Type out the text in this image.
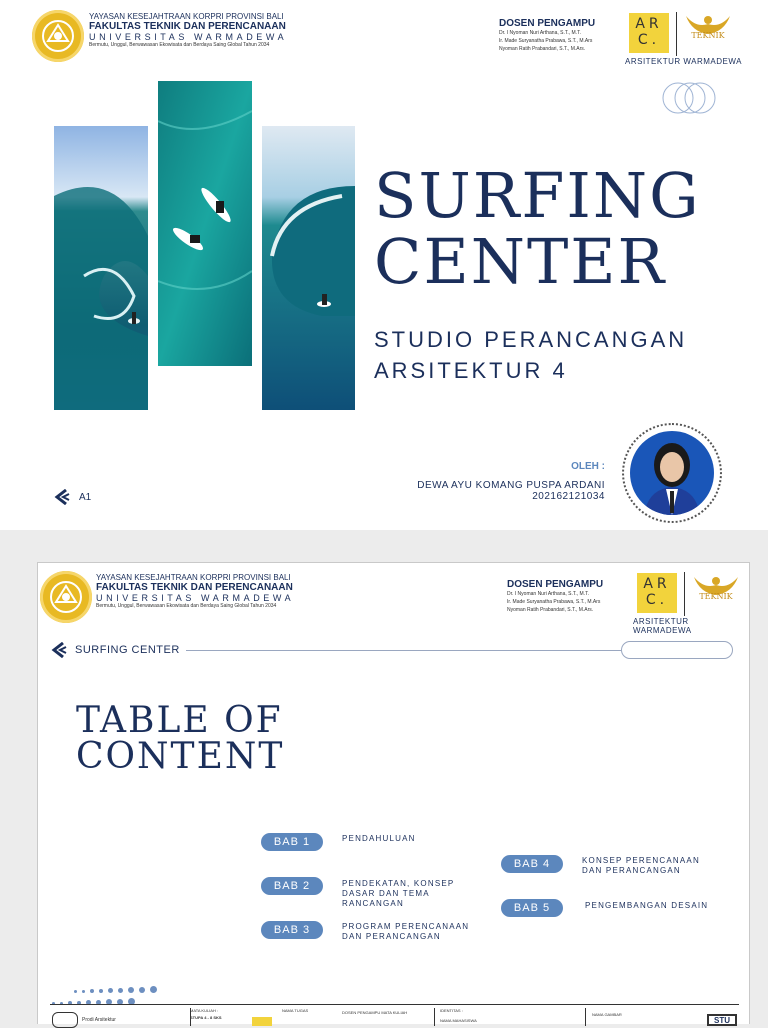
YAYASAN KESEJAHTRAAN KORPRI PROVINSI BALI
FAKULTAS TEKNIK DAN PERENCANAAN
UNIVERSITAS WARMADEWA
Bermutu, Unggul, Berwawasan Ekowisata dan Berdaya Saing Global Tahun 2034
DOSEN PENGAMPU
Dr. I Nyoman Nuri Arthana, S.T., M.T.
Ir. Made Suryanatha Prabawa, S.T., M.Ars
Nyoman Ratih Prabandari, S.T., M.Ars.
AR
C.	TEKNIK
ARSITEKTUR WARMADEWA
SURFING
CENTER
STUDIO PERANCANGAN
ARSITEKTUR 4
OLEH :
DEWA AYU KOMANG PUSPA ARDANI
202162121034
A1
YAYASAN KESEJAHTRAAN KORPRI PROVINSI BALI
FAKULTAS TEKNIK DAN PERENCANAAN
UNIVERSITAS WARMADEWA
Bermutu, Unggul, Berwawasan Ekowisata dan Berdaya Saing Global Tahun 2034
DOSEN PENGAMPU
Dr. I Nyoman Nuri Arthana, S.T., M.T.
Ir. Made Suryanatha Prabawa, S.T., M.Ars
Nyoman Ratih Prabandari, S.T., M.Ars.
AR
C.	TEKNIK
ARSITEKTUR WARMADEWA
SURFING CENTER
TABLE OF
CONTENT
BAB 1	PENDAHULUAN
BAB 2	PENDEKATAN, KONSEP DASAR DAN TEMA RANCANGAN
BAB 3	PROGRAM PERENCANAAN DAN PERANCANGAN
BAB 4	KONSEP PERENCANAAN DAN PERANCANGAN
BAB 5	PENGEMBANGAN DESAIN
Prodi Arsitektur
MATA KULIAH :
STUPA 4 - 8 SKS
NAMA TUGAS	DOSEN PENGAMPU MATA KULIAH	IDENTITAS :
NAMA MAHASISWA
NAMA GAMBAR
STU
